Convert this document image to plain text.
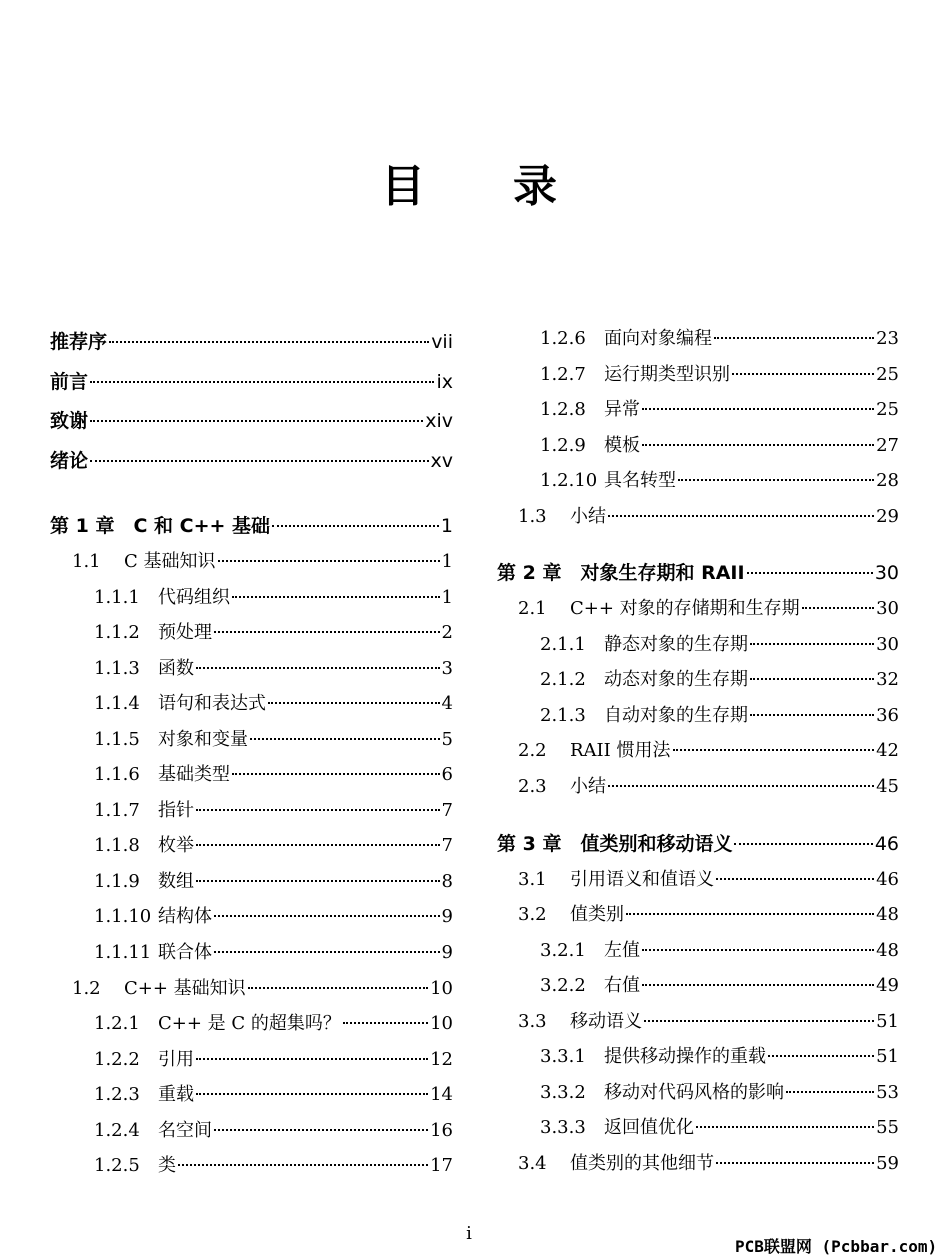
目录
推荐序	vii
前言	ix
致谢	xiv
绪论	xv
第 1 章　C 和 C++ 基础	1
1.1	C 基础知识	1
1.1.1	代码组织	1
1.1.2	预处理	2
1.1.3	函数	3
1.1.4	语句和表达式	4
1.1.5	对象和变量	5
1.1.6	基础类型	6
1.1.7	指针	7
1.1.8	枚举	7
1.1.9	数组	8
1.1.10 结构体	9
1.1.11 联合体	9
1.2	C++ 基础知识	10
1.2.1	C++ 是 C 的超集吗？	10
1.2.2	引用	12
1.2.3	重载	14
1.2.4	名空间	16
1.2.5	类	17
1.2.6	面向对象编程	23
1.2.7	运行期类型识别	25
1.2.8	异常	25
1.2.9	模板	27
1.2.10 具名转型	28
1.3	小结	29
第 2 章　对象生存期和 RAII	30
2.1	C++ 对象的存储期和生存期	30
2.1.1	静态对象的生存期	30
2.1.2	动态对象的生存期	32
2.1.3	自动对象的生存期	36
2.2	RAII 惯用法	42
2.3	小结	45
第 3 章　值类别和移动语义	46
3.1	引用语义和值语义	46
3.2	值类别	48
3.2.1	左值	48
3.2.2	右值	49
3.3	移动语义	51
3.3.1	提供移动操作的重载	51
3.3.2	移动对代码风格的影响	53
3.3.3	返回值优化	55
3.4	值类别的其他细节	59
i
PCB联盟网 (Pcbbar.com)
